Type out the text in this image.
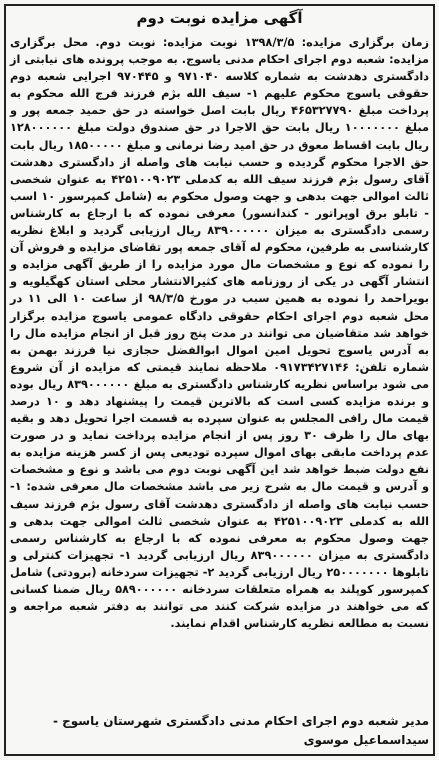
آگهی مزایده نوبت دوم

زمان برگزاری مزایده: ۱۳۹۸/۳/۵ نوبت مزایده: نوبت دوم. محل برگزاری مزایده: شعبه دوم اجرای احکام مدنی یاسوج. به موجب پرونده های نیابتی از دادگستری دهدشت به شماره کلاسه ۹۷۱۰۴۰ و ۹۷۰۴۴۵ اجرایی شعبه دوم حقوقی یاسوج محکوم علیهم ۱- سیف الله بژم فرزند فرج الله محکوم به پرداخت مبلغ ۴۶۵۳۲۷۷۹۰ ریال بابت اصل خواسته در حق حمید جمعه پور و مبلغ ۱۰۰۰۰۰۰۰ ریال بابت حق الاجرا در حق صندوق دولت مبلغ ۱۲۸۰۰۰۰۰۰ ریال بابت اقساط معوق در حق امید رضا نرمانی و مبلغ ۱۸۵۰۰۰۰۰ ریال بابت حق الاجرا محکوم گردیده و حسب نیابت های واصله از دادگستری دهدشت آقای رسول بژم فرزند سیف الله به کدملی ۴۲۵۱۰۰۹۰۲۳ به عنوان شخصی ثالث اموالی جهت بدهی و جهت وصول محکوم به (شامل کمپرسور ۱۰ اسب - تابلو برق اوپراتور - کندانسور) معرفی نموده که با ارجاع به کارشناس رسمی دادگستری به میزان ۸۳۹۰۰۰۰۰۰ ریال ارزیابی گردید و ابلاغ نظریه کارشناسی به طرفین، محکوم له آقای جمعه پور تقاضای مزایده و فروش آن را نموده که نوع و مشخصات مال مورد مزایده را از طریق آگهی مزایده و انتشار آگهی در یکی از روزنامه های کثیرالانتشار محلی استان کهگیلویه و بویراحمد را نموده به همین سبب در مورخ ۹۸/۳/۵ از ساعت ۱۰ الی ۱۱ در محل شعبه دوم اجرای احکام حقوقی دادگاه عمومی یاسوج مزایده برگزار خواهد شد متقاضیان می توانند در مدت پنج روز قبل از انجام مزایده مال را به آدرس یاسوج تحویل امین اموال ابوالفضل حجازی نیا فرزند بهمن به شماره تلفن: ۰۹۱۷۳۴۲۷۱۴۶ ملاحظه نمایند قیمتی که مزایده از آن شروع می شود براساس نظریه کارشناس دادگستری به مبلغ ۸۳۹۰۰۰۰۰۰ ریال بوده و برنده مزایده کسی است که بالاترین قیمت را پیشنهاد دهد و ۱۰ درصد قیمت مال رافی المجلس به عنوان سپرده به قسمت اجرا تحویل دهد و بقیه بهای مال را ظرف ۳۰ روز پس از انجام مزایده پرداخت نماید و در صورت عدم پرداخت مابقی بهای اموال سپرده تودیعی پس از کسر هزینه مزایده به نفع دولت ضبط خواهد شد این آگهی نوبت دوم می باشد و نوع و مشخصات و آدرس و قیمت مال به شرح زیر می باشد مشخصات مال معرفی شده: ۱- حسب نیابت های واصله از دادگستری دهدشت آقای رسول بژم فرزند سیف الله به کدملی ۴۲۵۱۰۰۹۰۲۳ به عنوان شخصی ثالث اموالی جهت بدهی و جهت وصول محکوم به معرفی نموده که با ارجاع به کارشناس رسمی دادگستری به میزان ۸۳۹۰۰۰۰۰۰ ریال ارزیابی گردید ۱- تجهیزات کنترلی و تابلوها ۲۵۰۰۰۰۰۰۰ ریال ارزیابی گردید ۲- تجهیزات سردخانه (برودتی) شامل کمپرسور کوپلند به همراه متعلقات سردخانه ۵۸۹۰۰۰۰۰۰ ریال ضمنا کسانی که می خواهند در مزایده شرکت کنند می توانند به دفتر شعبه مراجعه و نسبت به مطالعه نظریه کارشناس اقدام نمایند.

مدیر شعبه دوم اجرای احکام مدنی دادگستری شهرستان یاسوج - سیداسماعیل موسوی
